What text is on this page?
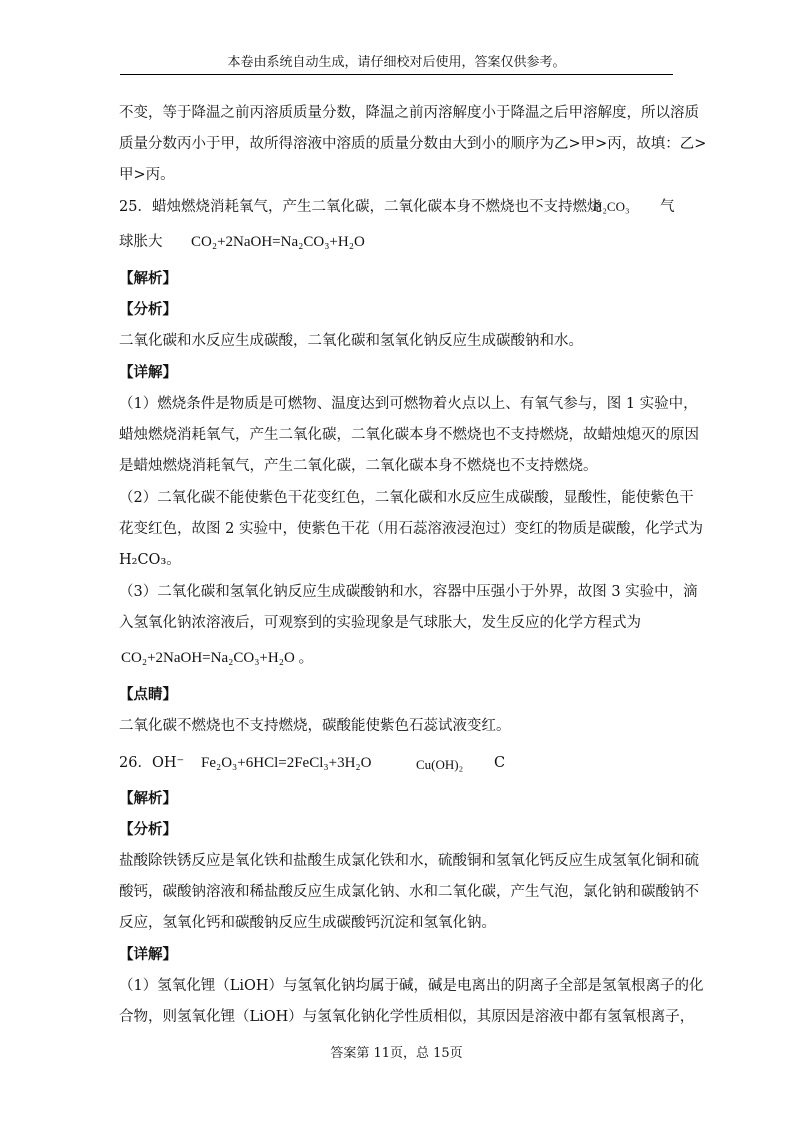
本卷由系统自动生成，请仔细校对后使用，答案仅供参考。
不变，等于降温之前丙溶质质量分数，降温之前丙溶解度小于降温之后甲溶解度，所以溶质
质量分数丙小于甲，故所得溶液中溶质的质量分数由大到小的顺序为乙>甲>丙，故填：乙>
甲>丙。
25．蜡烛燃烧消耗氧气，产生二氧化碳，二氧化碳本身不燃烧也不支持燃烧
H₂CO₃ 气
球胀大 CO₂+2NaOH=Na₂CO₃+H₂O
【解析】
【分析】
二氧化碳和水反应生成碳酸，二氧化碳和氢氧化钠反应生成碳酸钠和水。
【详解】
（1）燃烧条件是物质是可燃物、温度达到可燃物着火点以上、有氧气参与，图 1 实验中，
蜡烛燃烧消耗氧气，产生二氧化碳，二氧化碳本身不燃烧也不支持燃烧，故蜡烛熄灭的原因
是蜡烛燃烧消耗氧气，产生二氧化碳，二氧化碳本身不燃烧也不支持燃烧。
（2）二氧化碳不能使紫色干花变红色，二氧化碳和水反应生成碳酸，显酸性，能使紫色干
花变红色，故图 2 实验中，使紫色干花（用石蕊溶液浸泡过）变红的物质是碳酸，化学式为
H₂CO₃。
（3）二氧化碳和氢氧化钠反应生成碳酸钠和水，容器中压强小于外界，故图 3 实验中，滴
入氢氧化钠浓溶液后，可观察到的实验现象是气球胀大，发生反应的化学方程式为
CO₂+2NaOH=Na₂CO₃+H₂O 。
【点睛】
二氧化碳不燃烧也不支持燃烧，碳酸能使紫色石蕊试液变红。
26．OH⁻ Fe₂O₃+6HCl=2FeCl₃+3H₂O	Cu(OH)₂ C
【解析】
【分析】
盐酸除铁锈反应是氧化铁和盐酸生成氯化铁和水，硫酸铜和氢氧化钙反应生成氢氧化铜和硫
酸钙，碳酸钠溶液和稀盐酸反应生成氯化钠、水和二氧化碳，产生气泡，氯化钠和碳酸钠不
反应，氢氧化钙和碳酸钠反应生成碳酸钙沉淀和氢氧化钠。
【详解】
（1）氢氧化锂（LiOH）与氢氧化钠均属于碱，碱是电离出的阴离子全部是氢氧根离子的化
合物，则氢氧化锂（LiOH）与氢氧化钠化学性质相似，其原因是溶液中都有氢氧根离子，
答案第 11页，总 15页
